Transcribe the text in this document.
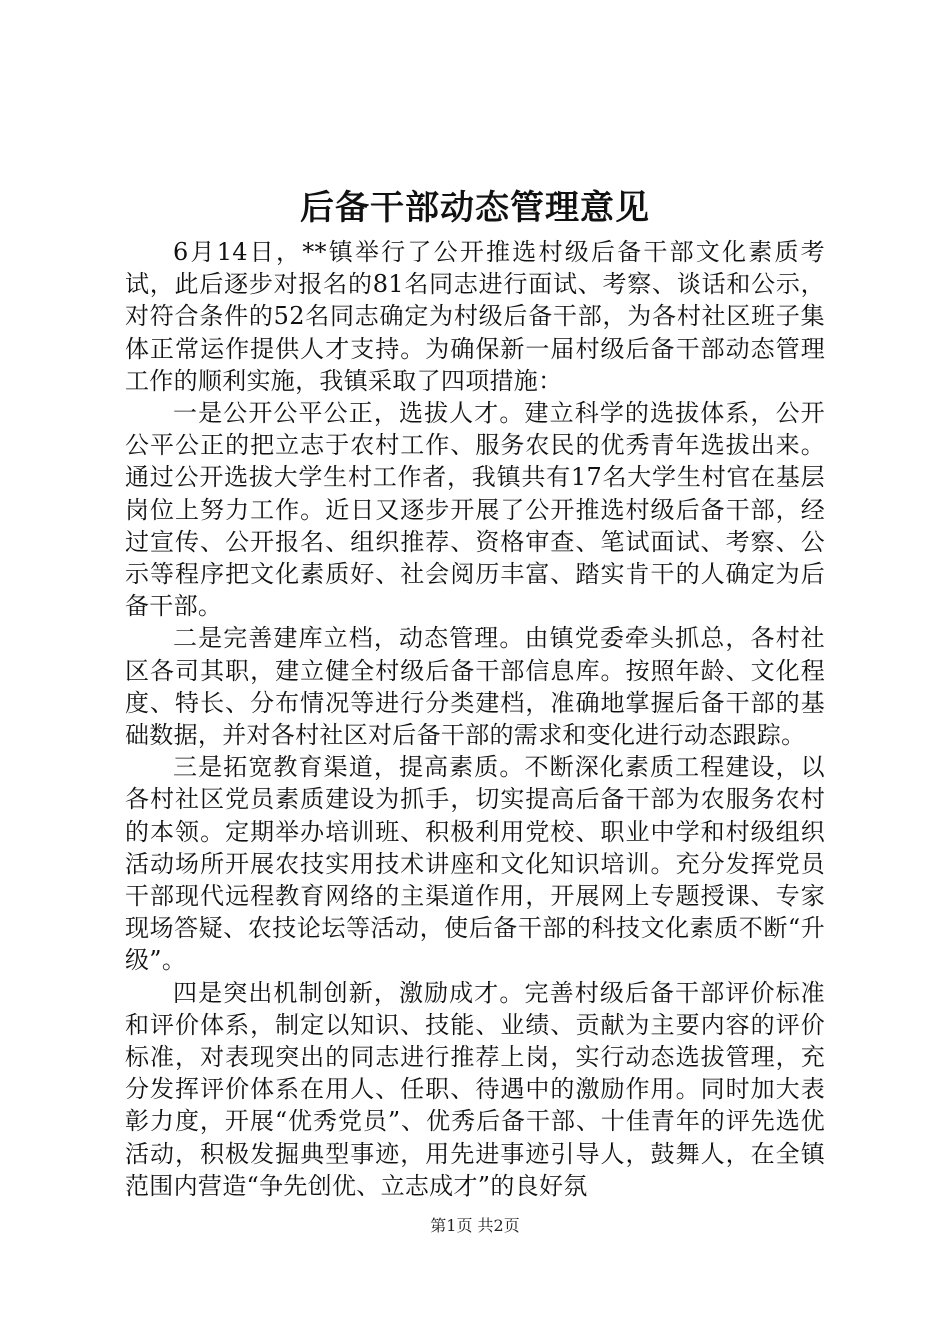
后备干部动态管理意见

6月14日，**镇举行了公开推选村级后备干部文化素质考试，此后逐步对报名的81名同志进行面试、考察、谈话和公示，对符合条件的52名同志确定为村级后备干部，为各村社区班子集体正常运作提供人才支持。为确保新一届村级后备干部动态管理工作的顺利实施，我镇采取了四项措施：

一是公开公平公正，选拔人才。建立科学的选拔体系，公开公平公正的把立志于农村工作、服务农民的优秀青年选拔出来。通过公开选拔大学生村工作者，我镇共有17名大学生村官在基层岗位上努力工作。近日又逐步开展了公开推选村级后备干部，经过宣传、公开报名、组织推荐、资格审查、笔试面试、考察、公示等程序把文化素质好、社会阅历丰富、踏实肯干的人确定为后备干部。

二是完善建库立档，动态管理。由镇党委牵头抓总，各村社区各司其职，建立健全村级后备干部信息库。按照年龄、文化程度、特长、分布情况等进行分类建档，准确地掌握后备干部的基础数据，并对各村社区对后备干部的需求和变化进行动态跟踪。

三是拓宽教育渠道，提高素质。不断深化素质工程建设，以各村社区党员素质建设为抓手，切实提高后备干部为农服务农村的本领。定期举办培训班、积极利用党校、职业中学和村级组织活动场所开展农技实用技术讲座和文化知识培训。充分发挥党员干部现代远程教育网络的主渠道作用，开展网上专题授课、专家现场答疑、农技论坛等活动，使后备干部的科技文化素质不断“升级”。

四是突出机制创新，激励成才。完善村级后备干部评价标准和评价体系，制定以知识、技能、业绩、贡献为主要内容的评价标准，对表现突出的同志进行推荐上岗，实行动态选拔管理，充分发挥评价体系在用人、任职、待遇中的激励作用。同时加大表彰力度，开展“优秀党员”、优秀后备干部、十佳青年的评先选优活动，积极发掘典型事迹，用先进事迹引导人，鼓舞人，在全镇范围内营造“争先创优、立志成才”的良好氛

第1页 共2页
